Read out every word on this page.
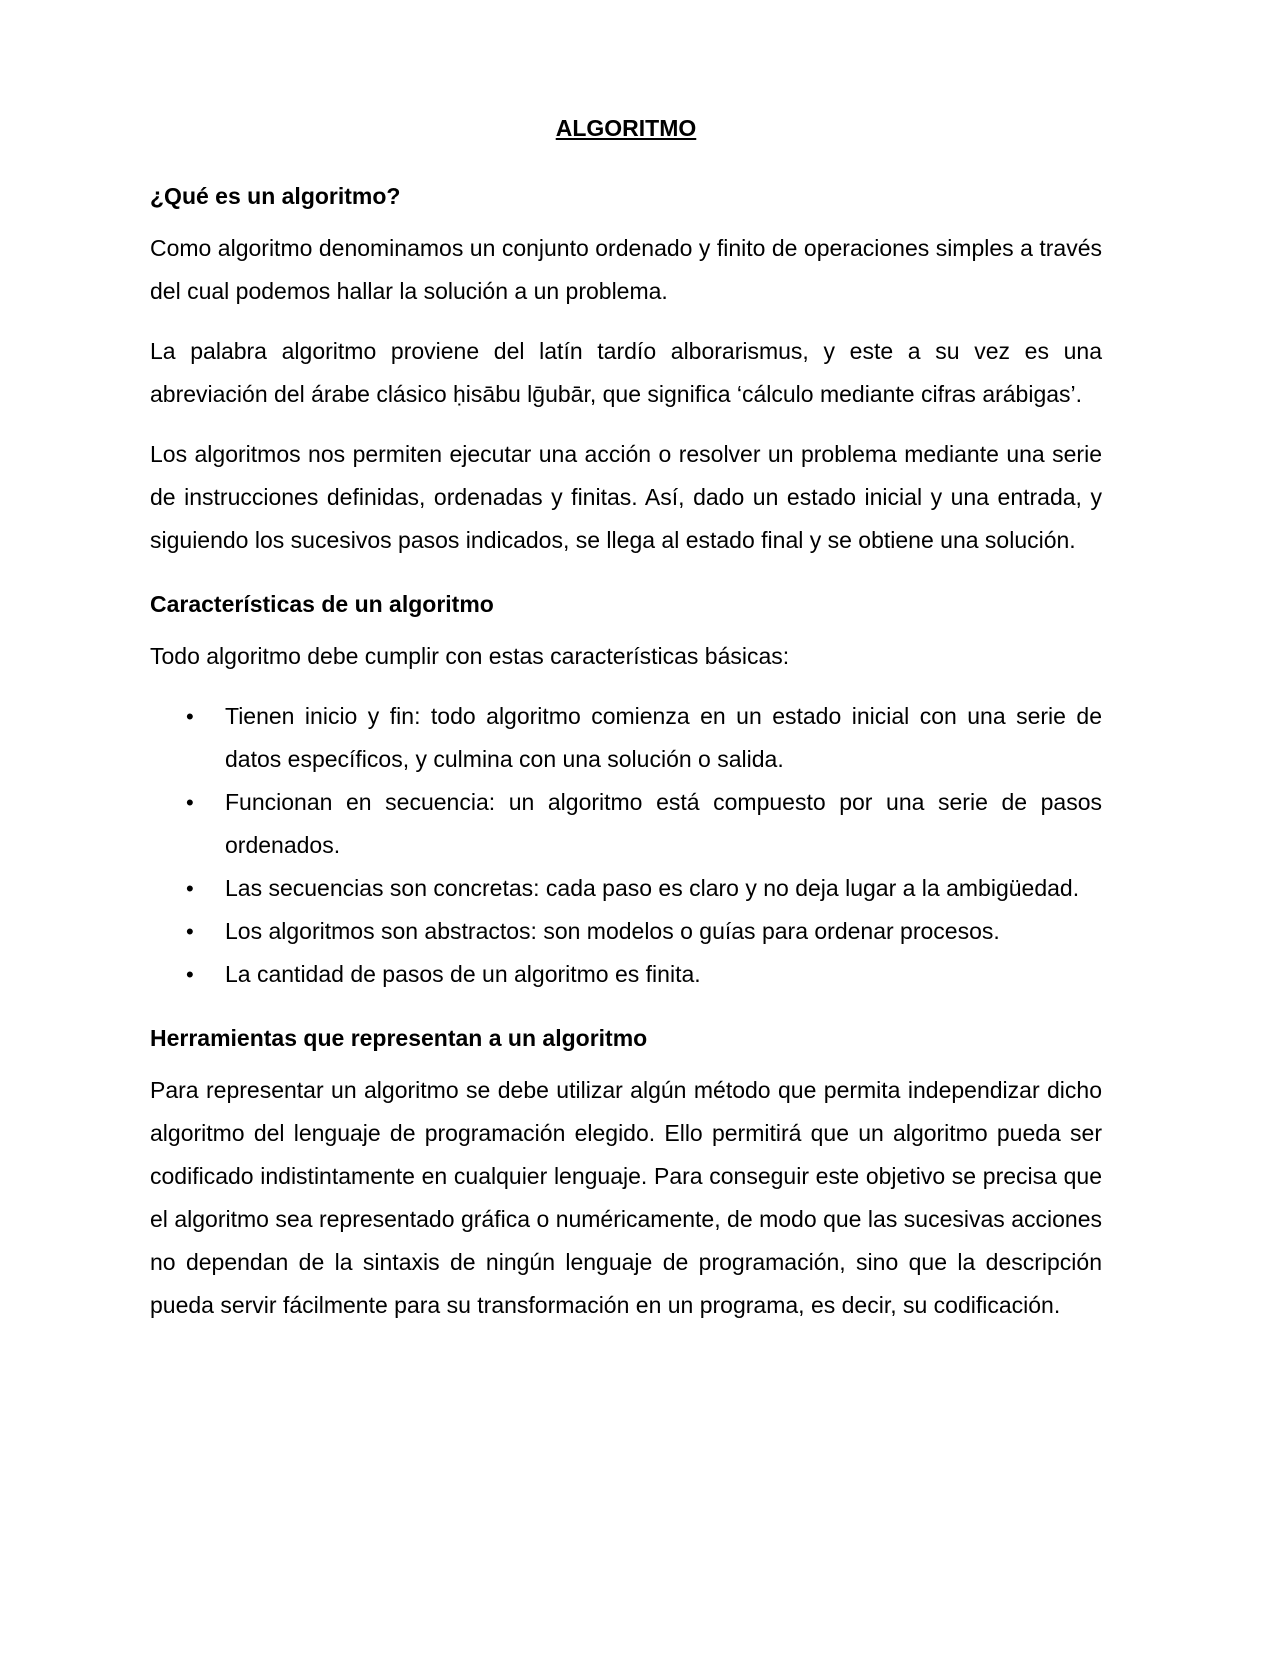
ALGORITMO
¿Qué es un algoritmo?

Como algoritmo denominamos un conjunto ordenado y finito de operaciones simples a través del cual podemos hallar la solución a un problema.

La palabra algoritmo proviene del latín tardío alborarismus, y este a su vez es una abreviación del árabe clásico ḥisābu lḡubār, que significa ‘cálculo mediante cifras arábigas’.

Los algoritmos nos permiten ejecutar una acción o resolver un problema mediante una serie de instrucciones definidas, ordenadas y finitas. Así, dado un estado inicial y una entrada, y siguiendo los sucesivos pasos indicados, se llega al estado final y se obtiene una solución.

Características de un algoritmo

Todo algoritmo debe cumplir con estas características básicas:

• Tienen inicio y fin: todo algoritmo comienza en un estado inicial con una serie de datos específicos, y culmina con una solución o salida.
• Funcionan en secuencia: un algoritmo está compuesto por una serie de pasos ordenados.
• Las secuencias son concretas: cada paso es claro y no deja lugar a la ambigüedad.
• Los algoritmos son abstractos: son modelos o guías para ordenar procesos.
• La cantidad de pasos de un algoritmo es finita.
Herramientas que representan a un algoritmo

Para representar un algoritmo se debe utilizar algún método que permita independizar dicho algoritmo del lenguaje de programación elegido. Ello permitirá que un algoritmo pueda ser codificado indistintamente en cualquier lenguaje. Para conseguir este objetivo se precisa que el algoritmo sea representado gráfica o numéricamente, de modo que las sucesivas acciones no dependan de la sintaxis de ningún lenguaje de programación, sino que la descripción pueda servir fácilmente para su transformación en un programa, es decir, su codificación.
